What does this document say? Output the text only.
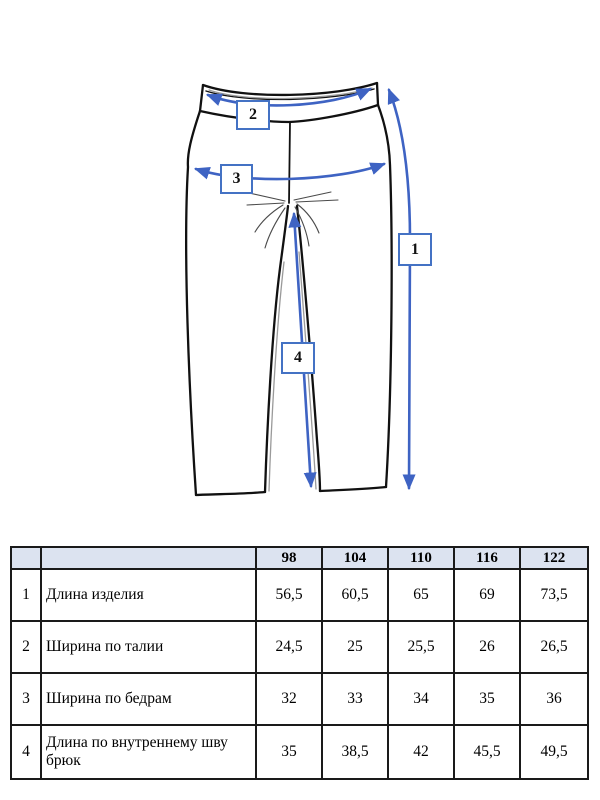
2
3
1
4
		98	104	110	116	122
1	Длина изделия	56,5	60,5	65	69	73,5
2	Ширина по талии	24,5	25	25,5	26	26,5
3	Ширина по бедрам	32	33	34	35	36
4	Длина по внутреннему шву брюк	35	38,5	42	45,5	49,5
